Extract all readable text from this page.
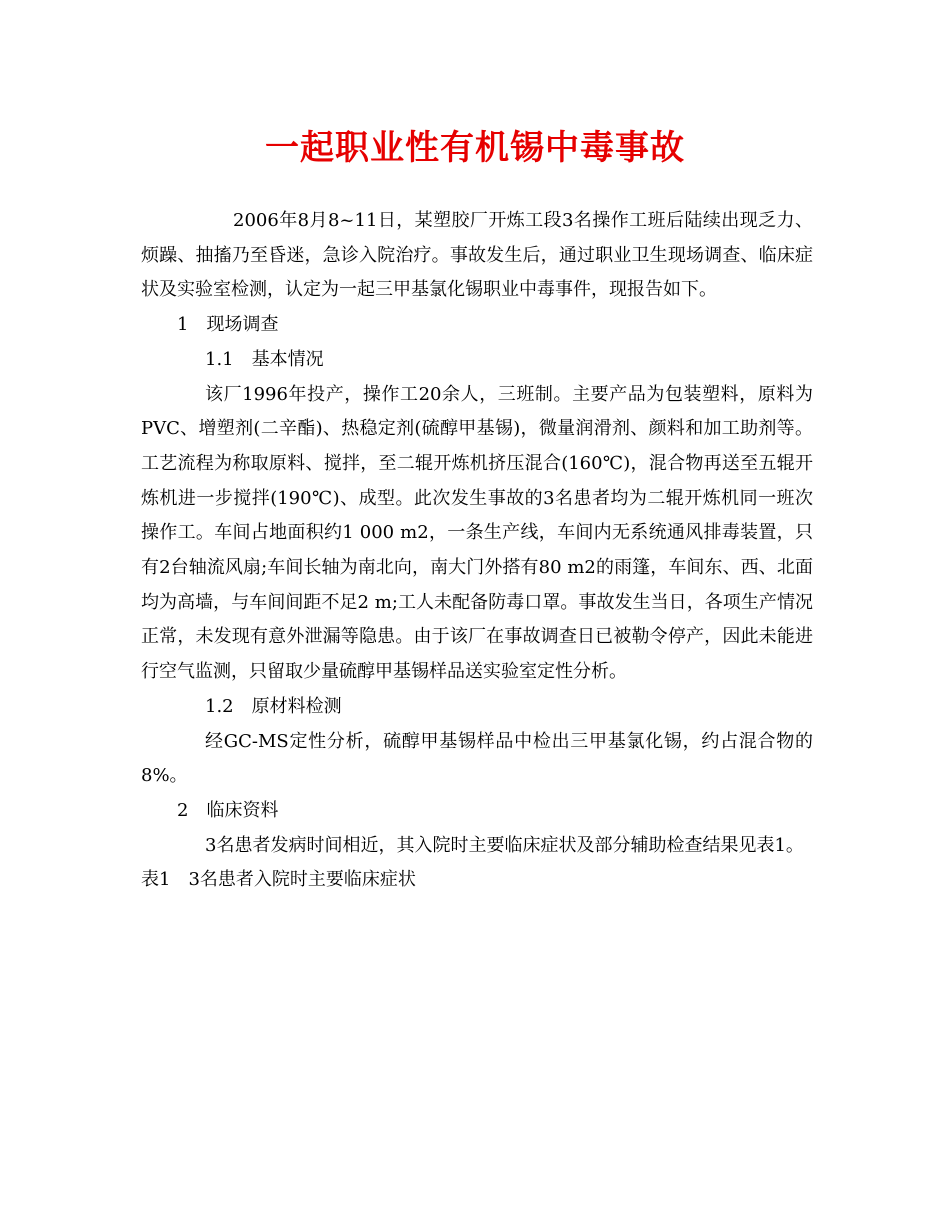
一起职业性有机锡中毒事故

2006年8月8~11日，某塑胶厂开炼工段3名操作工班后陆续出现乏力、烦躁、抽搐乃至昏迷，急诊入院治疗。事故发生后，通过职业卫生现场调查、临床症状及实验室检测，认定为一起三甲基氯化锡职业中毒事件，现报告如下。

1　现场调查

1.1　基本情况

该厂1996年投产，操作工20余人，三班制。主要产品为包装塑料，原料为PVC、增塑剂(二辛酯)、热稳定剂(硫醇甲基锡)，微量润滑剂、颜料和加工助剂等。工艺流程为称取原料、搅拌，至二辊开炼机挤压混合(160℃)，混合物再送至五辊开炼机进一步搅拌(190℃)、成型。此次发生事故的3名患者均为二辊开炼机同一班次操作工。车间占地面积约1 000 m2，一条生产线，车间内无系统通风排毒装置，只有2台轴流风扇;车间长轴为南北向，南大门外搭有80 m2的雨篷，车间东、西、北面均为高墙，与车间间距不足2 m;工人未配备防毒口罩。事故发生当日，各项生产情况正常，未发现有意外泄漏等隐患。由于该厂在事故调查日已被勒令停产，因此未能进行空气监测，只留取少量硫醇甲基锡样品送实验室定性分析。

1.2　原材料检测

经GC-MS定性分析，硫醇甲基锡样品中检出三甲基氯化锡，约占混合物的8%。

2　临床资料

3名患者发病时间相近，其入院时主要临床症状及部分辅助检查结果见表1。

表1　3名患者入院时主要临床症状
